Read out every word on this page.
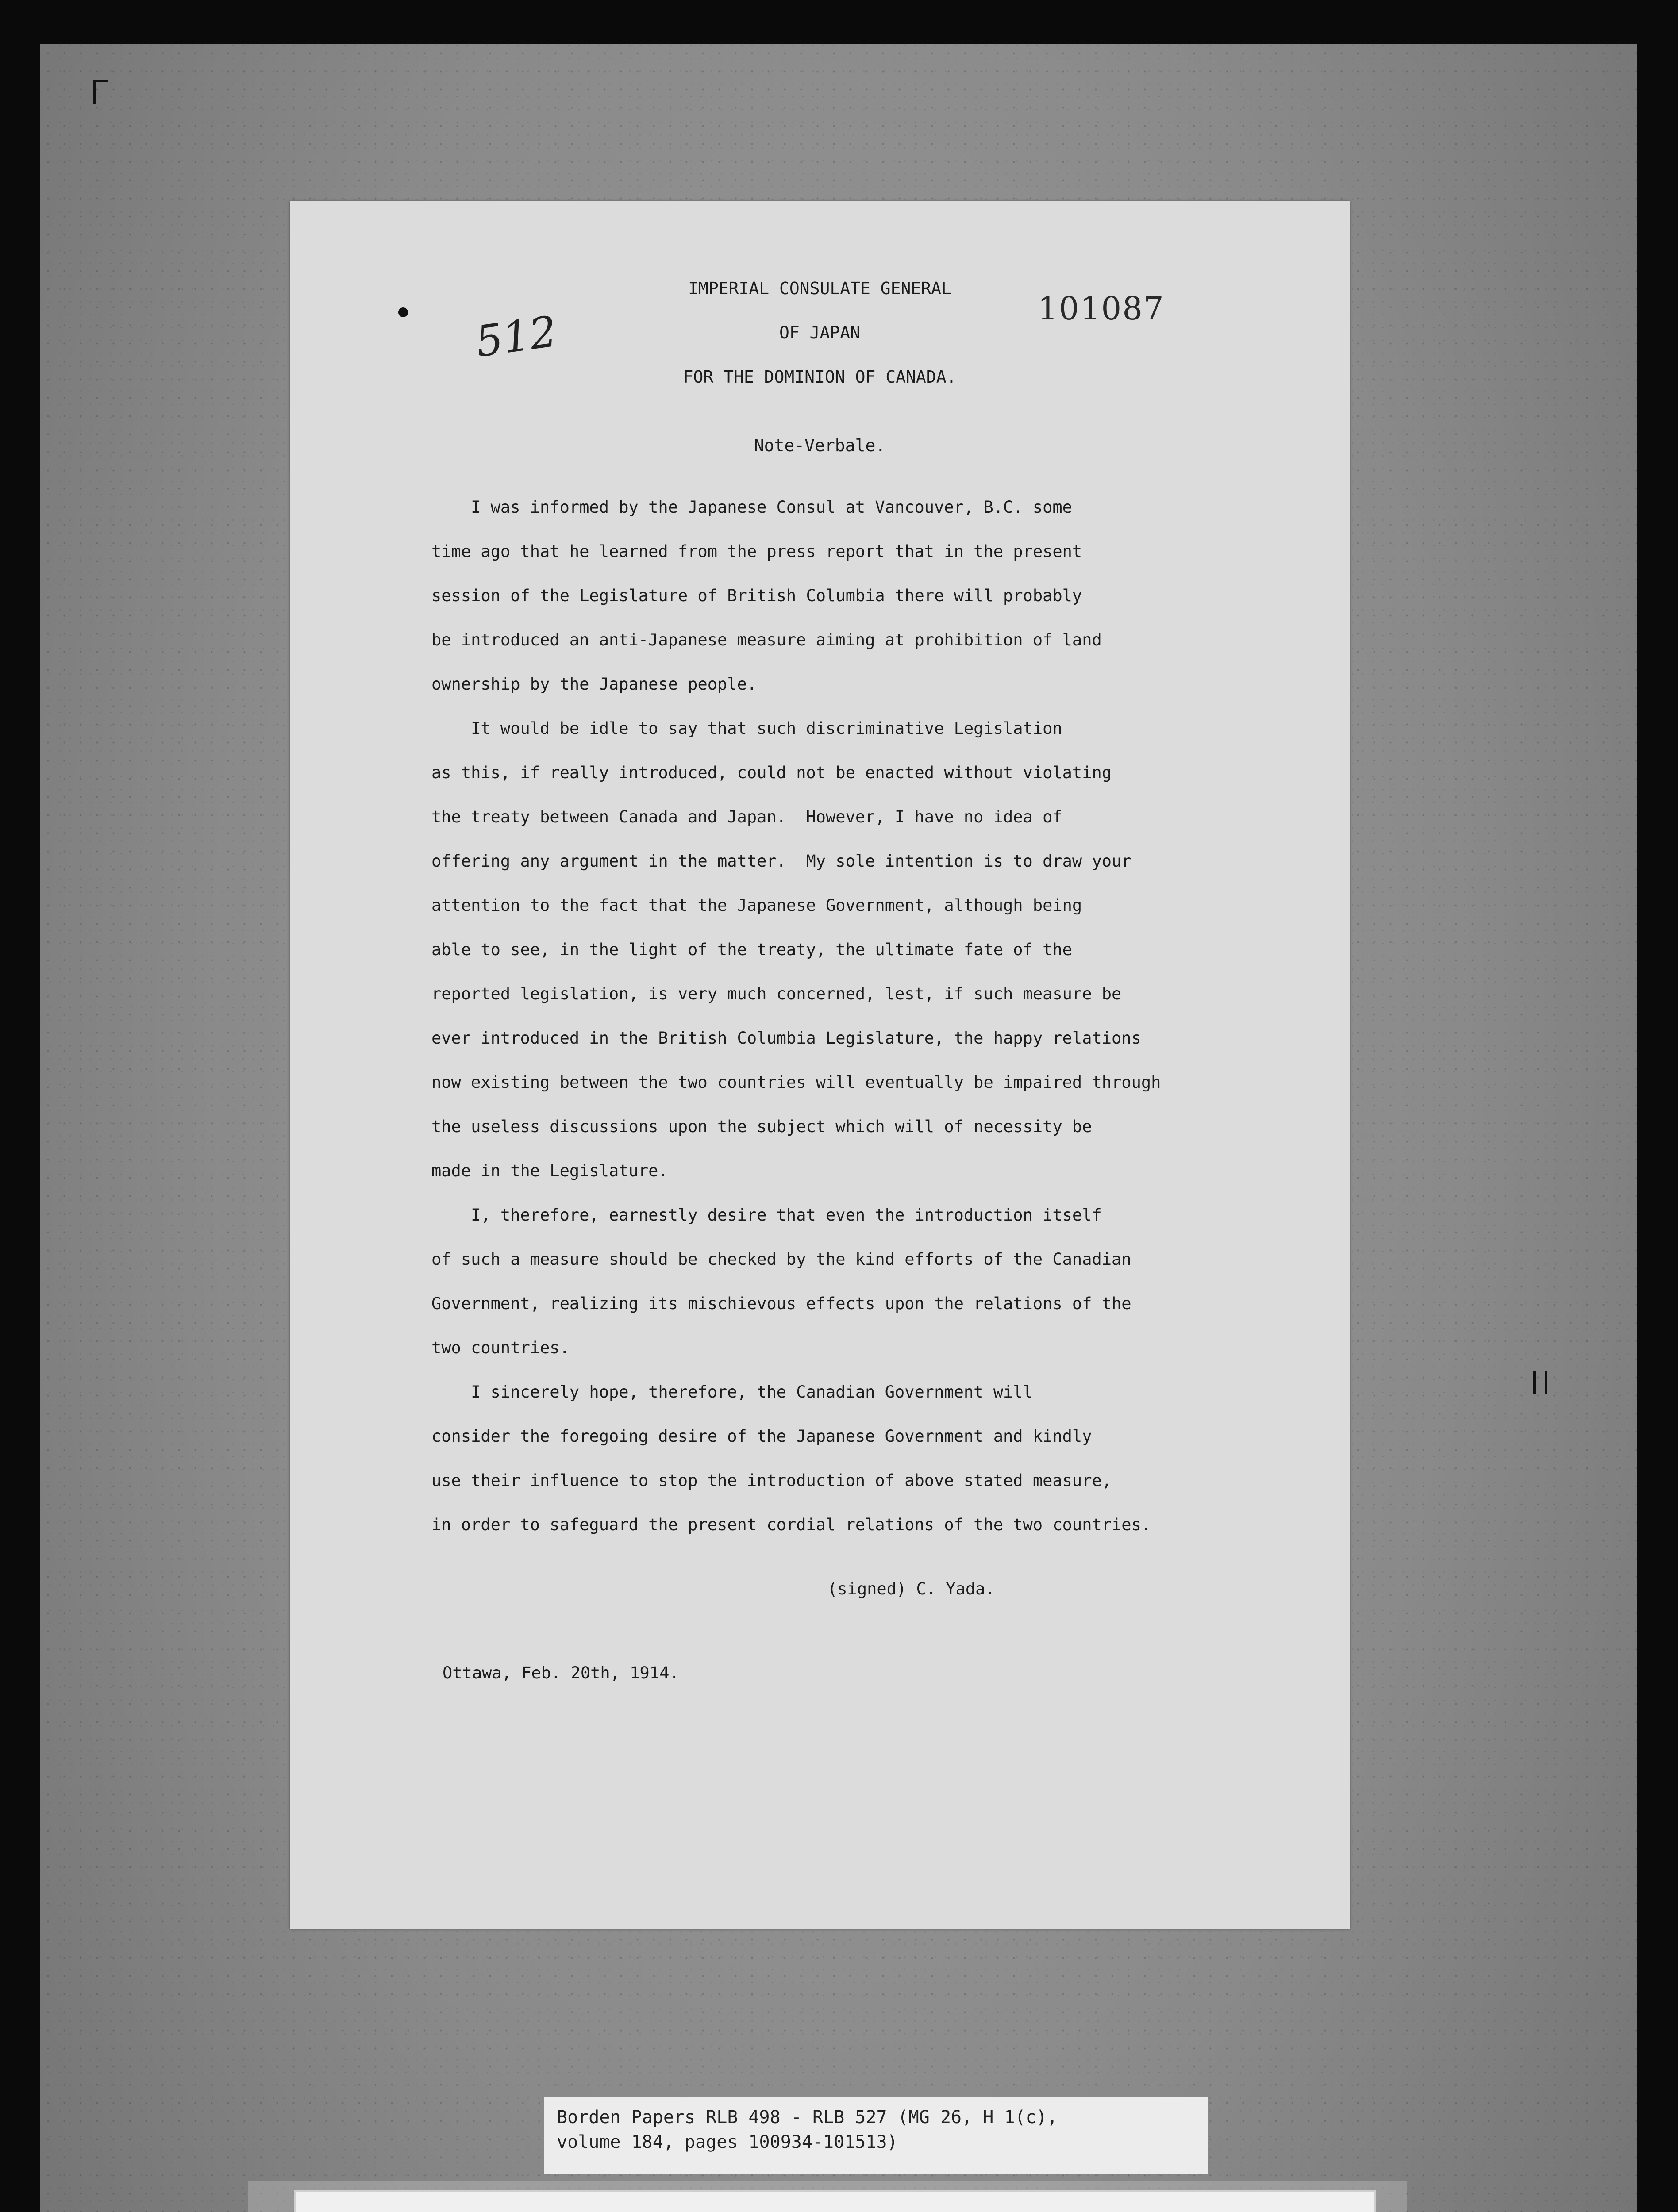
512
IMPERIAL CONSULATE GENERAL
OF JAPAN
FOR THE DOMINION OF CANADA.
101087
Note-Verbale.
I was informed by the Japanese Consul at Vancouver, B.C. some
time ago that he learned from the press report that in the present
session of the Legislature of British Columbia there will probably
be introduced an anti-Japanese measure aiming at prohibition of land
ownership by the Japanese people.
It would be idle to say that such discriminative Legislation
as this, if really introduced, could not be enacted without violating
the treaty between Canada and Japan.  However, I have no idea of
offering any argument in the matter.  My sole intention is to draw your
attention to the fact that the Japanese Government, although being
able to see, in the light of the treaty, the ultimate fate of the
reported legislation, is very much concerned, lest, if such measure be
ever introduced in the British Columbia Legislature, the happy relations
now existing between the two countries will eventually be impaired through
the useless discussions upon the subject which will of necessity be
made in the Legislature.
I, therefore, earnestly desire that even the introduction itself
of such a measure should be checked by the kind efforts of the Canadian
Government, realizing its mischievous effects upon the relations of the
two countries.
I sincerely hope, therefore, the Canadian Government will
consider the foregoing desire of the Japanese Government and kindly
use their influence to stop the introduction of above stated measure,
in order to safeguard the present cordial relations of the two countries.
(signed) C. Yada.
Ottawa, Feb. 20th, 1914.
Borden Papers RLB 498 - RLB 527 (MG 26, H 1(c),
volume 184, pages 100934-101513)
